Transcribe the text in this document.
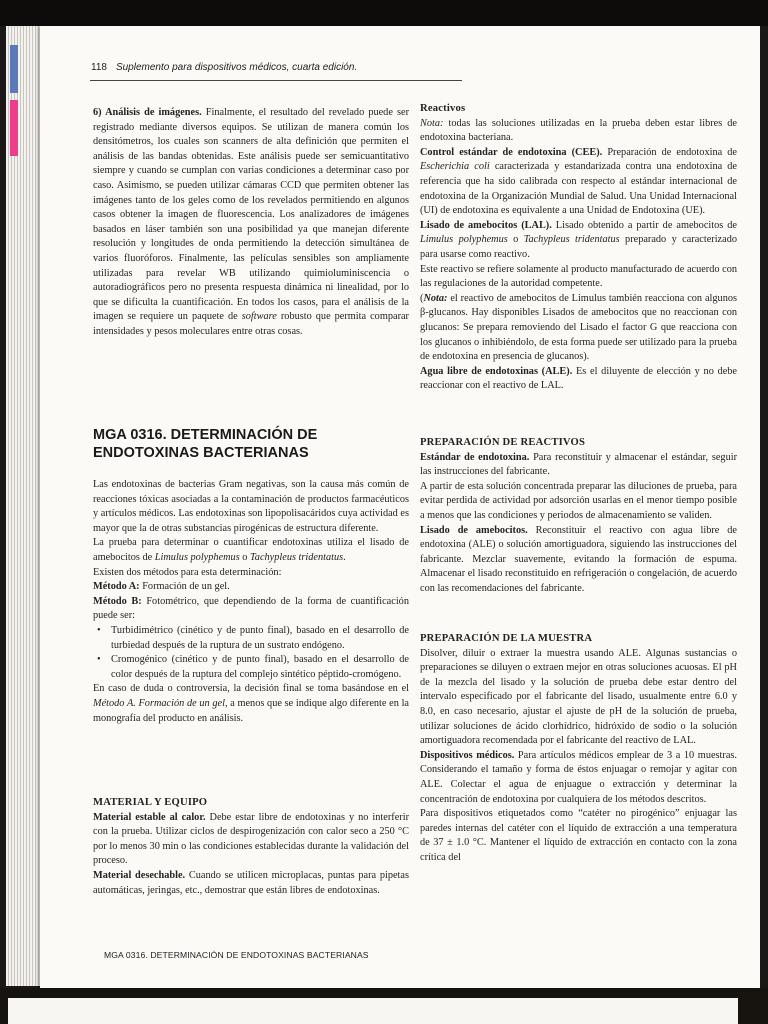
118 Suplemento para dispositivos médicos, cuarta edición.

6) Análisis de imágenes. Finalmente, el resultado del revelado puede ser registrado mediante diversos equipos. Se utilizan de manera común los densitómetros, los cuales son scanners de alta definición que permiten el análisis de las bandas obtenidas. Este análisis puede ser semicuantitativo siempre y cuando se cumplan con varias condiciones a determinar caso por caso. Asimismo, se pueden utilizar cámaras CCD que permiten obtener las imágenes tanto de los geles como de los revelados permitiendo en algunos casos obtener la imagen de fluorescencia. Los analizadores de imágenes basados en láser también son una posibilidad ya que manejan diferente resolución y longitudes de onda permitiendo la detección simultánea de varios fluoróforos. Finalmente, las películas sensibles son ampliamente utilizadas para revelar WB utilizando quimioluminiscencia o autoradiográficos pero no presenta respuesta dinámica ni linealidad, por lo que se dificulta la cuantificación. En todos los casos, para el análisis de la imagen se requiere un paquete de software robusto que permita comparar intensidades y pesos moleculares entre otras cosas.

MGA 0316. DETERMINACIÓN DE

ENDOTOXINAS BACTERIANAS

Las endotoxinas de bacterias Gram negativas, son la causa más común de reacciones tóxicas asociadas a la contaminación de productos farmacéuticos y artículos médicos. Las endotoxinas son lipopolisacáridos cuya actividad es mayor que la de otras substancias pirogénicas de estructura diferente.

La prueba para determinar o cuantificar endotoxinas utiliza el lisado de amebocitos de Limulus polyphemus o Tachypleus tridentatus.

Existen dos métodos para esta determinación:

Método A: Formación de un gel.

Método B: Fotométrico, que dependiendo de la forma de cuantificación puede ser:

• Turbidimétrico (cinético y de punto final), basado en el desarrollo de turbiedad después de la ruptura de un sustrato endógeno.
• Cromogénico (cinético y de punto final), basado en el desarrollo de color después de la ruptura del complejo sintético péptido-cromógeno.

En caso de duda o controversia, la decisión final se toma basándose en el Método A. Formación de un gel, a menos que se indique algo diferente en la monografía del producto en análisis.

MATERIAL Y EQUIPO

Material estable al calor. Debe estar libre de endotoxinas y no interferir con la prueba. Utilizar ciclos de despirogenización con calor seco a 250 °C por lo menos 30 min o las condiciones establecidas durante la validación del proceso.

Material desechable. Cuando se utilicen microplacas, puntas para pipetas automáticas, jeringas, etc., demostrar que están libres de endotoxinas.

Reactivos

Nota: todas las soluciones utilizadas en la prueba deben estar libres de endotoxina bacteriana.

Control estándar de endotoxina (CEE). Preparación de endotoxina de Escherichia coli caracterizada y estandarizada contra una endotoxina de referencia que ha sido calibrada con respecto al estándar internacional de endotoxina de la Organización Mundial de Salud. Una Unidad Internacional (UI) de endotoxina es equivalente a una Unidad de Endotoxina (UE).

Lisado de amebocitos (LAL). Lisado obtenido a partir de amebocitos de Limulus polyphemus o Tachypleus tridentatus preparado y caracterizado para usarse como reactivo.

Este reactivo se refiere solamente al producto manufacturado de acuerdo con las regulaciones de la autoridad competente.

(Nota: el reactivo de amebocitos de Limulus también reacciona con algunos β-glucanos. Hay disponibles Lisados de amebocitos que no reaccionan con glucanos: Se prepara removiendo del Lisado el factor G que reacciona con los glucanos o inhibiéndolo, de esta forma puede ser utilizado para la prueba de endotoxina en presencia de glucanos).

Agua libre de endotoxinas (ALE). Es el diluyente de elección y no debe reaccionar con el reactivo de LAL.

PREPARACIÓN DE REACTIVOS

Estándar de endotoxina. Para reconstituir y almacenar el estándar, seguir las instrucciones del fabricante.

A partir de esta solución concentrada preparar las diluciones de prueba, para evitar perdida de actividad por adsorción usarlas en el menor tiempo posible a menos que las condiciones y periodos de almacenamiento se validen.

Lisado de amebocitos. Reconstituir el reactivo con agua libre de endotoxina (ALE) o solución amortiguadora, siguiendo las instrucciones del fabricante. Mezclar suavemente, evitando la formación de espuma. Almacenar el lisado reconstituido en refrigeración o congelación, de acuerdo con las recomendaciones del fabricante.

PREPARACIÓN DE LA MUESTRA

Disolver, diluir o extraer la muestra usando ALE. Algunas sustancias o preparaciones se diluyen o extraen mejor en otras soluciones acuosas. El pH de la mezcla del lisado y la solución de prueba debe estar dentro del intervalo especificado por el fabricante del lisado, usualmente entre 6.0 y 8.0, en caso necesario, ajustar el ajuste de pH de la solución de prueba, utilizar soluciones de ácido clorhídrico, hidróxido de sodio o la solución amortiguadora recomendada por el fabricante del reactivo de LAL.

Dispositivos médicos. Para artículos médicos emplear de 3 a 10 muestras. Considerando el tamaño y forma de éstos enjuagar o remojar y agitar con ALE. Colectar el agua de enjuague o extracción y determinar la concentración de endotoxina por cualquiera de los métodos descritos.

Para dispositivos etiquetados como “catéter no pirogénico” enjuagar las paredes internas del catéter con el líquido de extracción a una temperatura de 37 ± 1.0 °C. Mantener el líquido de extracción en contacto con la zona crítica del

MGA 0316. DETERMINACIÓN DE ENDOTOXINAS BACTERIANAS
